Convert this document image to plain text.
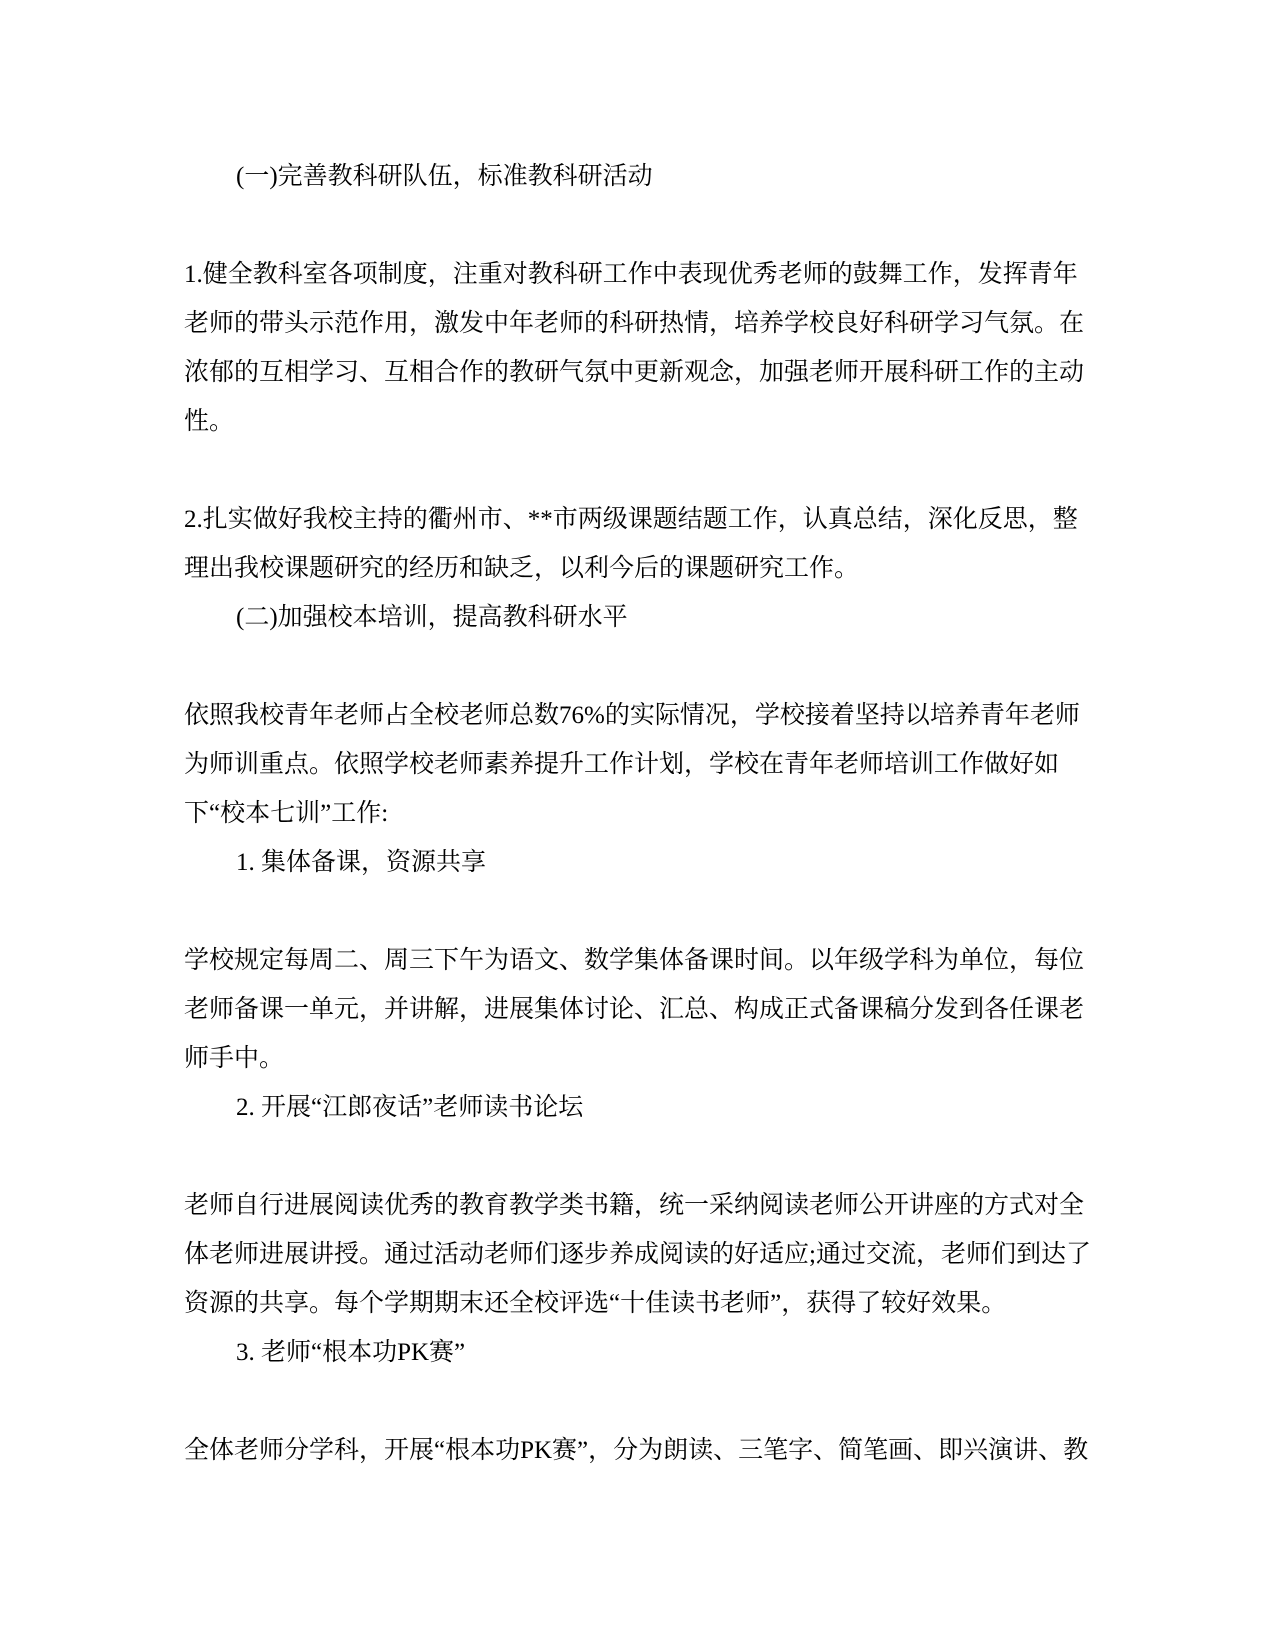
(一)完善教科研队伍，标准教科研活动

1.健全教科室各项制度，注重对教科研工作中表现优秀老师的鼓舞工作，发挥青年老师的带头示范作用，激发中年老师的科研热情，培养学校良好科研学习气氛。在浓郁的互相学习、互相合作的教研气氛中更新观念，加强老师开展科研工作的主动性。

2.扎实做好我校主持的衢州市、**市两级课题结题工作，认真总结，深化反思，整理出我校课题研究的经历和缺乏，以利今后的课题研究工作。

(二)加强校本培训，提高教科研水平

依照我校青年老师占全校老师总数76%的实际情况，学校接着坚持以培养青年老师为师训重点。依照学校老师素养提升工作计划，学校在青年老师培训工作做好如下“校本七训”工作:

1. 集体备课，资源共享

学校规定每周二、周三下午为语文、数学集体备课时间。以年级学科为单位，每位老师备课一单元，并讲解，进展集体讨论、汇总、构成正式备课稿分发到各任课老师手中。

2. 开展“江郎夜话”老师读书论坛

老师自行进展阅读优秀的教育教学类书籍，统一采纳阅读老师公开讲座的方式对全体老师进展讲授。通过活动老师们逐步养成阅读的好适应;通过交流，老师们到达了资源的共享。每个学期期末还全校评选“十佳读书老师”，获得了较好效果。

3. 老师“根本功PK赛”

全体老师分学科，开展“根本功PK赛”，分为朗读、三笔字、简笔画、即兴演讲、教
